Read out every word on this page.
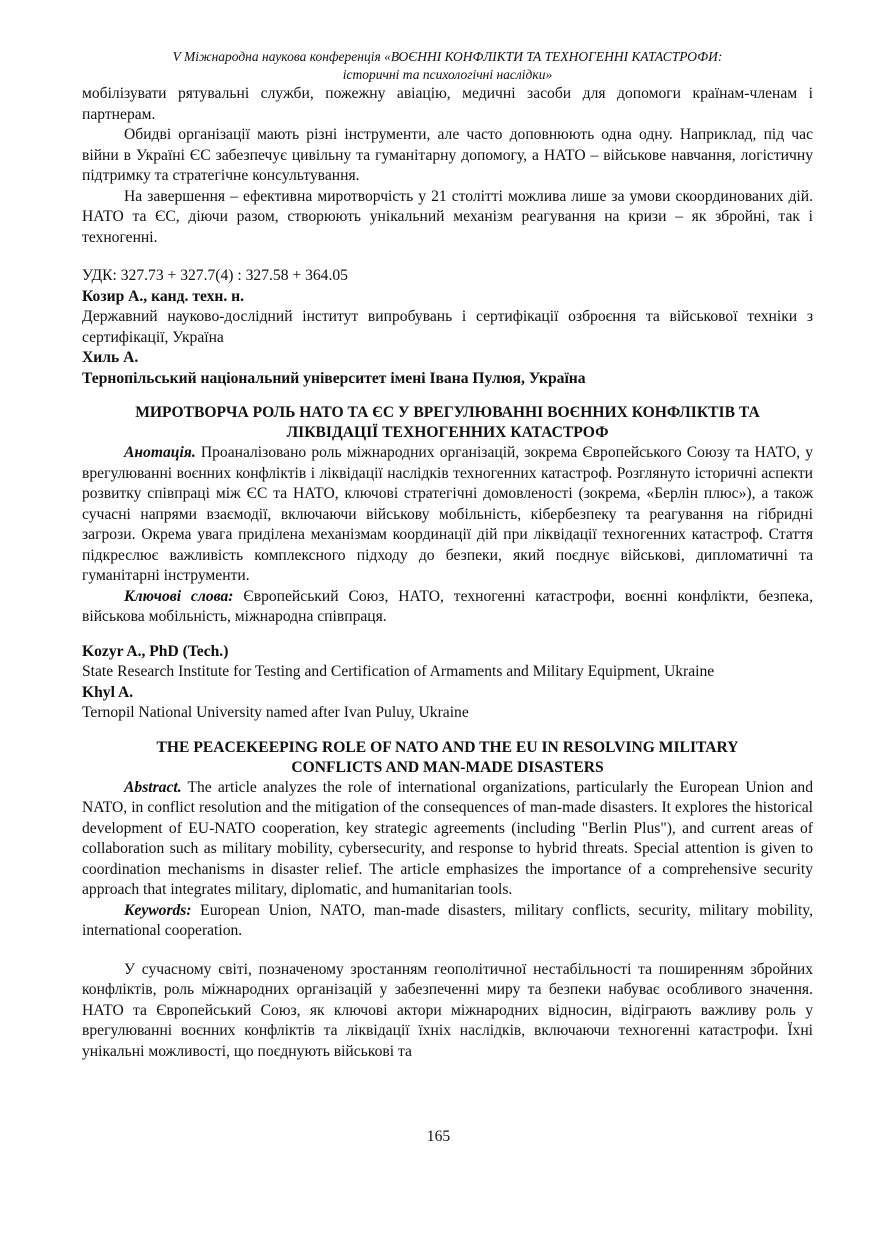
V Міжнародна наукова конференція «ВОЄННІ КОНФЛІКТИ ТА ТЕХНОГЕННІ КАТАСТРОФИ:
історичні та психологічні наслідки»

мобілізувати рятувальні служби, пожежну авіацію, медичні засоби для допомоги країнам-членам і партнерам.

Обидві організації мають різні інструменти, але часто доповнюють одна одну. Наприклад, під час війни в Україні ЄС забезпечує цивільну та гуманітарну допомогу, а НАТО – військове навчання, логістичну підтримку та стратегічне консультування.

На завершення – ефективна миротворчість у 21 столітті можлива лише за умови скоординованих дій. НАТО та ЄС, діючи разом, створюють унікальний механізм реагування на кризи – як збройні, так і техногенні.

УДК: 327.73 + 327.7(4) : 327.58 + 364.05
Козир А., канд. техн. н.

Державний науково-дослідний інститут випробувань і сертифікації озброєння та військової техніки з сертифікації, Україна

Хиль А.
Тернопільський національний університет імені Івана Пулюя, Україна
МИРОТВОРЧА РОЛЬ НАТО ТА ЄС У ВРЕГУЛЮВАННІ ВОЄННИХ КОНФЛІКТІВ ТА
ЛІКВІДАЦІЇ ТЕХНОГЕННИХ КАТАСТРОФ

Анотація. Проаналізовано роль міжнародних організацій, зокрема Європейського Союзу та НАТО, у врегулюванні воєнних конфліктів і ліквідації наслідків техногенних катастроф. Розглянуто історичні аспекти розвитку співпраці між ЄС та НАТО, ключові стратегічні домовленості (зокрема, «Берлін плюс»), а також сучасні напрями взаємодії, включаючи військову мобільність, кібербезпеку та реагування на гібридні загрози. Окрема увага приділена механізмам координації дій при ліквідації техногенних катастроф. Стаття підкреслює важливість комплексного підходу до безпеки, який поєднує військові, дипломатичні та гуманітарні інструменти.

Ключові слова: Європейський Союз, НАТО, техногенні катастрофи, воєнні конфлікти, безпека, військова мобільність, міжнародна співпраця.

Kozyr A., PhD (Tech.)
State Research Institute for Testing and Certification of Armaments and Military Equipment, Ukraine
Khyl A.
Ternopil National University named after Ivan Puluy, Ukraine
THE PEACEKEEPING ROLE OF NATO AND THE EU IN RESOLVING MILITARY
CONFLICTS AND MAN-MADE DISASTERS

Abstract. The article analyzes the role of international organizations, particularly the European Union and NATO, in conflict resolution and the mitigation of the consequences of man-made disasters. It explores the historical development of EU-NATO cooperation, key strategic agreements (including "Berlin Plus"), and current areas of collaboration such as military mobility, cybersecurity, and response to hybrid threats. Special attention is given to coordination mechanisms in disaster relief. The article emphasizes the importance of a comprehensive security approach that integrates military, diplomatic, and humanitarian tools.

Keywords: European Union, NATO, man-made disasters, military conflicts, security, military mobility, international cooperation.

У сучасному світі, позначеному зростанням геополітичної нестабільності та поширенням збройних конфліктів, роль міжнародних організацій у забезпеченні миру та безпеки набуває особливого значення. НАТО та Європейський Союз, як ключові актори міжнародних відносин, відіграють важливу роль у врегулюванні воєнних конфліктів та ліквідації їхніх наслідків, включаючи техногенні катастрофи. Їхні унікальні можливості, що поєднують військові та

165
